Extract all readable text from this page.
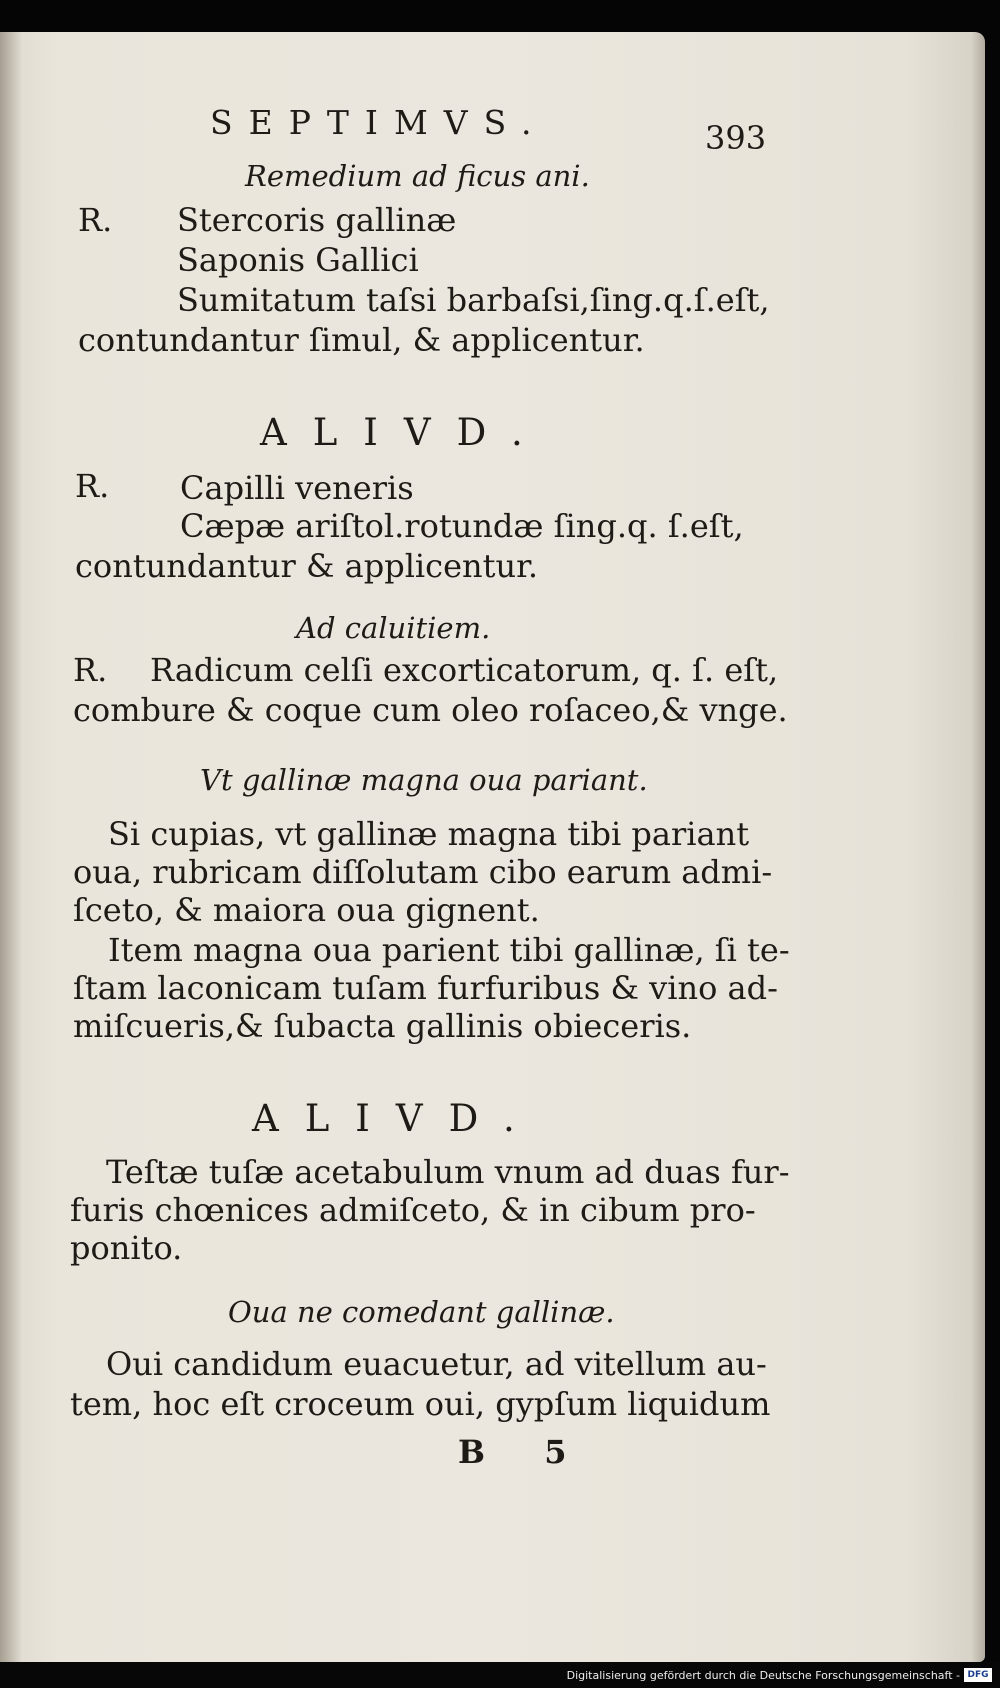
SEPTIMVS.	393
Remedium ad ficus ani.
R. Stercoris gallinæ
Saponis Gallici
Sumitatum taſsi barbaſsi,ſing.q.ſ.eſt,
contundantur ſimul, & applicentur.
ALIVD.
R. Capilli veneris
Cæpæ ariſtol.rotundæ ſing.q. ſ.eſt,
contundantur & applicentur.
Ad caluitiem.
R. Radicum celſi excorticatorum, q. ſ. eſt,
combure & coque cum oleo roſaceo,& vnge.
Vt gallinæ magna oua pariant.
Si cupias, vt gallinæ magna tibi pariant
oua, rubricam diſſolutam cibo earum admi-
ſceto, & maiora oua gignent.
Item magna oua parient tibi gallinæ, ſi te-
ſtam laconicam tuſam furfuribus & vino ad-
miſcueris,& ſubacta gallinis obieceris.
ALIVD.
Teſtæ tuſæ acetabulum vnum ad duas fur-
furis chœnices admiſceto, & in cibum pro-
ponito.
Oua ne comedant gallinæ.
Oui candidum euacuetur, ad vitellum au-
tem, hoc eſt croceum oui, gypſum liquidum
B 5
Digitalisierung gefördert durch die Deutsche Forschungsgemeinschaft - DFG
